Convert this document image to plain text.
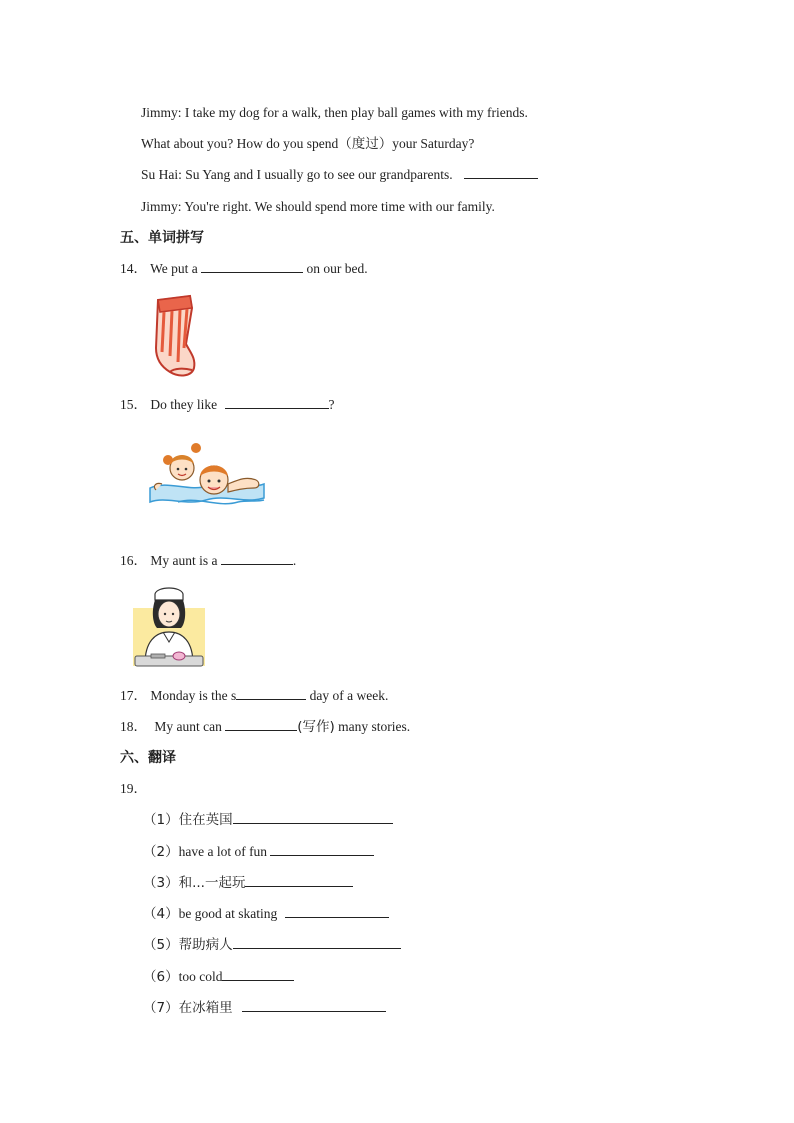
Jimmy: I take my dog for a walk, then play ball games with my friends.
What about you? How do you spend（度过）your Saturday?
Su Hai: Su Yang and I usually go to see our grandparents.
Jimmy: You're right. We should spend more time with our family.
五、单词拼写
14． We put a	on our bed.
15． Do they like	?
16． My aunt is a	.
17． Monday is the s	day of a week.
18． My aunt can	(写作) many stories.
六、翻译
19．
（1）住在英国
（2）have a lot of fun
（3）和...一起玩
（4）be good at skating
（5）帮助病人
（6）too cold
（7）在冰箱里
